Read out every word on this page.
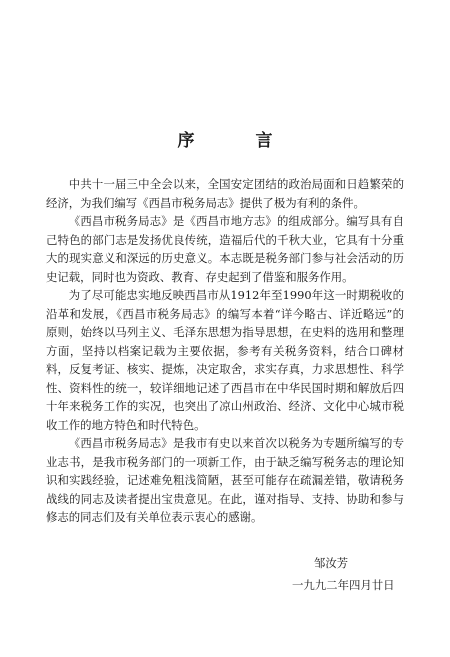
序　言

中共十一届三中全会以来，全国安定团结的政治局面和日趋繁荣的经济，为我们编写《西昌市税务局志》提供了极为有利的条件。

《西昌市税务局志》是《西昌市地方志》的组成部分。编写具有自己特色的部门志是发扬优良传统，造福后代的千秋大业，它具有十分重大的现实意义和深远的历史意义。本志既是税务部门参与社会活动的历史记载，同时也为资政、教育、存史起到了借鉴和服务作用。

为了尽可能忠实地反映西昌市从1912年至1990年这一时期税收的沿革和发展，《西昌市税务局志》的编写本着“详今略古、详近略远”的原则，始终以马列主义、毛泽东思想为指导思想，在史料的选用和整理方面，坚持以档案记载为主要依据，参考有关税务资料，结合口碑材料，反复考证、核实、提炼，决定取舍，求实存真，力求思想性、科学性、资料性的统一，较详细地记述了西昌市在中华民国时期和解放后四十年来税务工作的实况，也突出了凉山州政治、经济、文化中心城市税收工作的地方特色和时代特色。

《西昌市税务局志》是我市有史以来首次以税务为专题所编写的专业志书，是我市税务部门的一项新工作，由于缺乏编写税务志的理论知识和实践经验，记述难免粗浅简陋，甚至可能存在疏漏差错，敬请税务战线的同志及读者提出宝贵意见。在此，谨对指导、支持、协助和参与修志的同志们及有关单位表示衷心的感谢。

邹汝芳
一九九二年四月廿日
